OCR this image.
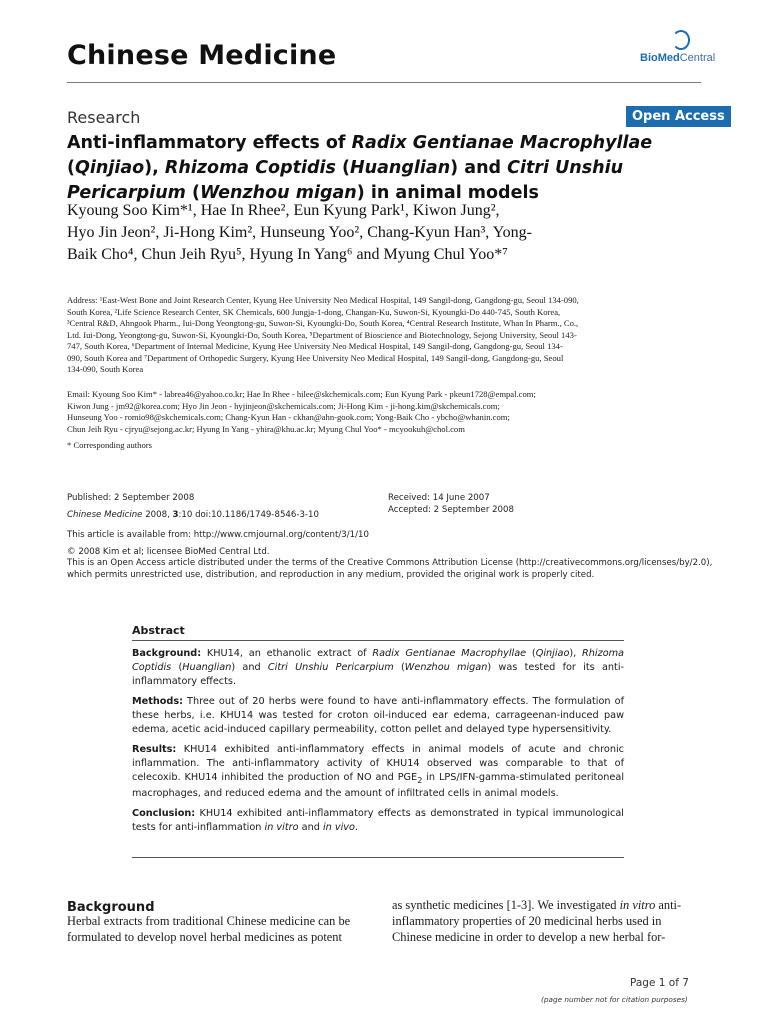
Chinese Medicine	BioMedCentral
Research	Open Access
Anti-inflammatory effects of Radix Gentianae Macrophyllae (Qinjiao), Rhizoma Coptidis (Huanglian) and Citri Unshiu Pericarpium (Wenzhou migan) in animal models
Kyoung Soo Kim*¹, Hae In Rhee², Eun Kyung Park¹, Kiwon Jung²,
Hyo Jin Jeon², Ji-Hong Kim², Hunseung Yoo², Chang-Kyun Han³, Yong-
Baik Cho⁴, Chun Jeih Ryu⁵, Hyung In Yang⁶ and Myung Chul Yoo*⁷
Address: ¹East-West Bone and Joint Research Center, Kyung Hee University Neo Medical Hospital, 149 Sangil-dong, Gangdong-gu, Seoul 134-090,
South Korea, ²Life Science Research Center, SK Chemicals, 600 Jungja-1-dong, Changan-Ku, Suwon-Si, Kyoungki-Do 440-745, South Korea,
³Central R&D, Ahngook Pharm., Iui-Dong Yeongtong-gu, Suwon-Si, Kyoungki-Do, South Korea, ⁴Central Research Institute, Whan In Pharm., Co.,
Ltd. Iui-Dong, Yeongtong-gu, Suwon-Si, Kyoungki-Do, South Korea, ⁵Department of Bioscience and Biotechnology, Sejong University, Seoul 143-
747, South Korea, ⁶Department of Internal Medicine, Kyung Hee University Neo Medical Hospital, 149 Sangil-dong, Gangdong-gu, Seoul 134-
090, South Korea and ⁷Department of Orthopedic Surgery, Kyung Hee University Neo Medical Hospital, 149 Sangil-dong, Gangdong-gu, Seoul
134-090, South Korea
Email: Kyoung Soo Kim* - labrea46@yahoo.co.kr; Hae In Rhee - hilee@skchemicals.com; Eun Kyung Park - pkeun1728@empal.com;
Kiwon Jung - jm92@korea.com; Hyo Jin Jeon - hyjinjeon@skchemicals.com; Ji-Hong Kim - ji-hong.kim@skchemicals.com;
Hunseung Yoo - romio98@skchemicals.com; Chang-Kyun Han - ckhan@ahn-gook.com; Yong-Baik Cho - ybcho@whanin.com;
Chun Jeih Ryu - cjryu@sejong.ac.kr; Hyung In Yang - yhira@khu.ac.kr; Myung Chul Yoo* - mcyookuh@chol.com
* Corresponding authors
Published: 2 September 2008
Chinese Medicine 2008, 3:10 doi:10.1186/1749-8546-3-10
Received: 14 June 2007
Accepted: 2 September 2008
This article is available from: http://www.cmjournal.org/content/3/1/10
© 2008 Kim et al; licensee BioMed Central Ltd.
This is an Open Access article distributed under the terms of the Creative Commons Attribution License (http://creativecommons.org/licenses/by/2.0),
which permits unrestricted use, distribution, and reproduction in any medium, provided the original work is properly cited.
Abstract
Background: KHU14, an ethanolic extract of Radix Gentianae Macrophyllae (Qinjiao), Rhizoma Coptidis (Huanglian) and Citri Unshiu Pericarpium (Wenzhou migan) was tested for its anti-inflammatory effects.
Methods: Three out of 20 herbs were found to have anti-inflammatory effects. The formulation of these herbs, i.e. KHU14 was tested for croton oil-induced ear edema, carrageenan-induced paw edema, acetic acid-induced capillary permeability, cotton pellet and delayed type hypersensitivity.
Results: KHU14 exhibited anti-inflammatory effects in animal models of acute and chronic inflammation. The anti-inflammatory activity of KHU14 observed was comparable to that of celecoxib. KHU14 inhibited the production of NO and $PGE_2$ in LPS/IFN-gamma-stimulated peritoneal macrophages, and reduced edema and the amount of infiltrated cells in animal models.
Conclusion: KHU14 exhibited anti-inflammatory effects as demonstrated in typical immunological tests for anti-inflammation in vitro and in vivo.
Background
Herbal extracts from traditional Chinese medicine can be
formulated to develop novel herbal medicines as potent
as synthetic medicines [1-3]. We investigated in vitro anti-
inflammatory properties of 20 medicinal herbs used in
Chinese medicine in order to develop a new herbal for-
Page 1 of 7
(page number not for citation purposes)
